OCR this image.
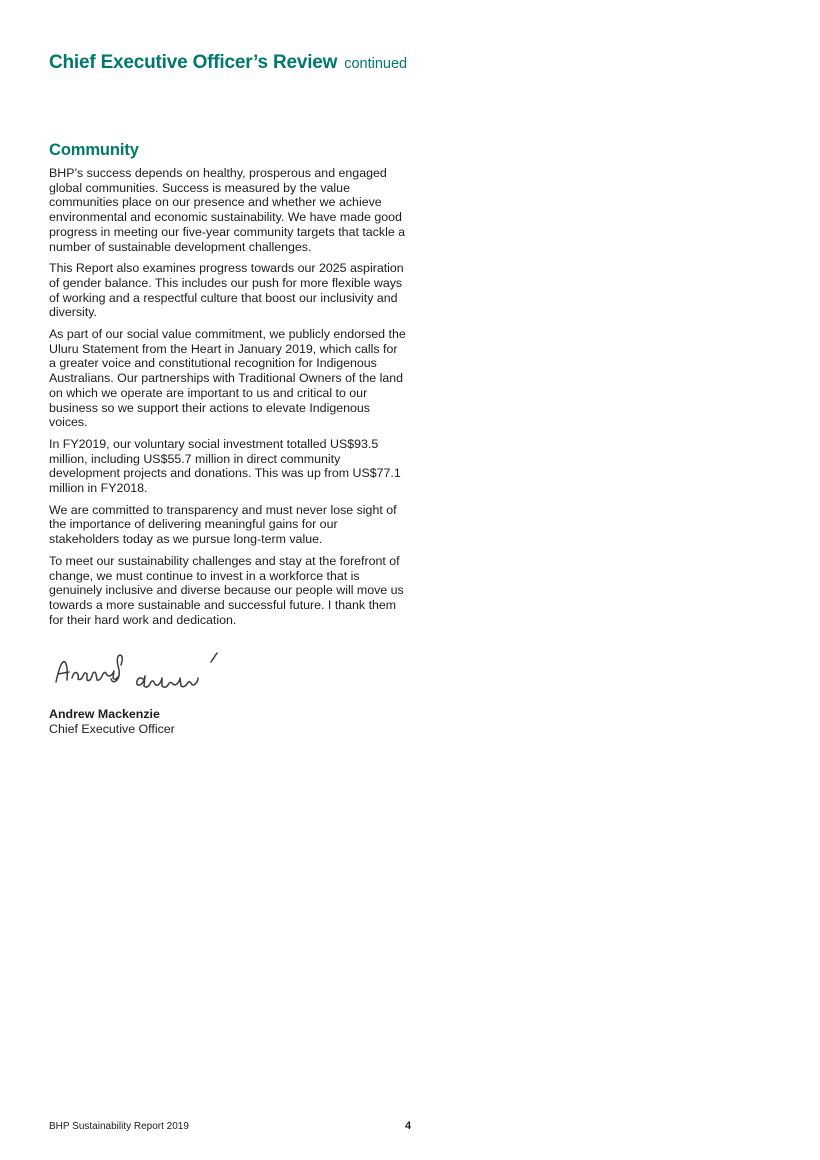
Chief Executive Officer’s Review continued
Community

BHP’s success depends on healthy, prosperous and engaged global communities. Success is measured by the value communities place on our presence and whether we achieve environmental and economic sustainability. We have made good progress in meeting our five-year community targets that tackle a number of sustainable development challenges.

This Report also examines progress towards our 2025 aspiration of gender balance. This includes our push for more flexible ways of working and a respectful culture that boost our inclusivity and diversity.

As part of our social value commitment, we publicly endorsed the Uluru Statement from the Heart in January 2019, which calls for a greater voice and constitutional recognition for Indigenous Australians. Our partnerships with Traditional Owners of the land on which we operate are important to us and critical to our business so we support their actions to elevate Indigenous voices.

In FY2019, our voluntary social investment totalled US$93.5 million, including US$55.7 million in direct community development projects and donations. This was up from US$77.1 million in FY2018.

We are committed to transparency and must never lose sight of the importance of delivering meaningful gains for our stakeholders today as we pursue long-term value.

To meet our sustainability challenges and stay at the forefront of change, we must continue to invest in a workforce that is genuinely inclusive and diverse because our people will move us towards a more sustainable and successful future. I thank them for their hard work and dedication.

Andrew Mackenzie
Chief Executive Officer
BHP Sustainability Report 2019	4
